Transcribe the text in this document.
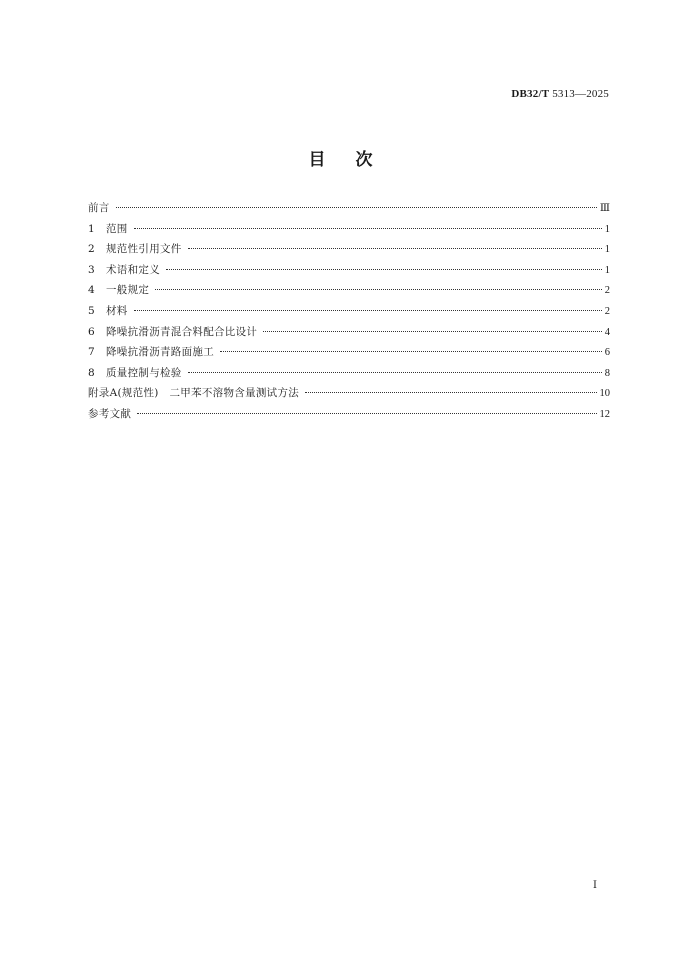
DB32/T 5313—2025
目次
前言	Ⅲ
1	范围	1
2	规范性引用文件	1
3	术语和定义	1
4	一般规定	2
5	材料	2
6	降噪抗滑沥青混合料配合比设计	4
7	降噪抗滑沥青路面施工	6
8	质量控制与检验	8
附录A(规范性)　二甲苯不溶物含量测试方法	10
参考文献	12
Ⅰ
